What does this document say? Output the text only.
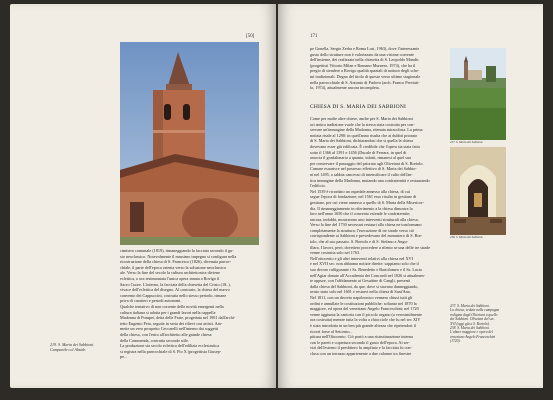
[50]
cimitero comunale (1819), rimaneggiando la facciata secondo il gu-
sto neoclassico. Notevolmente il massimo impegno si configura nella
ricostruzione della chiesa di S. Francesco (1826), divenuta parroc-
chiale, il parte dell'epoca orienta verso la soluzione neoclassica
ale. Verso la fine del secolo la cultura architettonica diviene
eclettica, o ora testimoniata l'unica opera innata a Rovigo il
Sacro Cuore. L'interno, la facciata della chiesetta del Cristo (18..),
vivace dell'eclettica del disegno. Al contrario, la chiesa del nuovo
convento dei Cappuccini, costruita nello stesso periodo, rimane
priva di caratteri e periodi autonomi.
Qualche tentativo di non corrente delle novità emergenti nella
cultura italiana si adotta per i grandi lavori nella cappella
Madonna di Pompei, detta delle Frate, progettata nel 1901 dall'archi-
tetto Eugenio Peia, seguite in seria dei rilievi con artisti. Am-
mette un vero prospetto Ceccarelli nell'interno dai soggetti
della chiesa, con l'esito all'architetto alle grande chiesa
della Commenda, costruita secondo stile.
La produzione sia secolo eclettica dell'edilizia ecclesiastica
si registra nella parrocchiale di S. Pio X (progettista Giusep-
pe...
219. S. Maria dei Sabbioni.
Campanile col Abside.
171
pe Gonella, Sergio Zerba e Roma Losi, 1963), dove l'interessante
gusto dello strutture non è valorizzato da una visione coerente
dell'insieme, dei realizzate nella chiesetta di S. Leopoldo Mandic
(progettisti Vittorio Milan e Romano Murnero, 1974), che ha il
pregio di stendere a Rovigo qualità spaziali di notturo degli sche-
mi tradizionali. Degno del titolo di questo verso ultimo stagionale
nella parrocchiale di S. Antonio di Padova (arch. Franco Previati-
lo, 1974), attualmente ancora incompleta.
CHIESA DI S. MARIA DEI SABBIONI
Come per molte altre chiese, anche per S. Maria dei Sabbioni
ori antica tradizione vuole che la stessa stata costruita per con-
servare un'immagine della Madonna, ritenuta miracolosa. La prima
notizia risale al 1290: in quell'anno risulta che ai dubbii priorato
di S. Maria dei Sabbioni, dichiarandosi che si quella la chiesa
dovevano esser già edificata. È credibile che l'opera sia stata fatta
sotto il 1366 al 1391 e 1456 (Ducale di Ferrara, in quel di
associa il gonfalonario a quanto, infatti, rimanesi al quel sua
per conservare il passaggio del priorato agli Olivetani di S. Bortolo.
Cumare esaurisce nel possesso effettivo di S. Maria dei Sabbio-
ni nel 1495, a sabbia cancesso di intensificare il culto dell'an-
tica immagine della Madonna, mutando una confraternità e restaurando
l'edificio.
Nel 1539 è ricordato un ospedale annesso alla chiesa, di cui
segue l'epoca di fondazione; nel 1561 esso risulta in gestione di
gestione, per cui viene annesso a quello di S. Maria della Misericor-
dia. Il rimaneggiamento in riferimento a la chiesa dimostra la
loro nell'anno 1650 che il convento estende le confraternite;
ancora, indubbi, mostrarono uno interventi strutturali alla chiesa.
Verso la fine del 1730 necessari restauri alla chiesa ne trasformano
completamente la struttura; l'esecuzione di tre strade verso ciò
corrispondente ai Sabbioni e prevedevano del monastero di S. Bor-
tolo, che al suo passato. S. Bortolo e di S. Stefano a Angu-
illara. I lavori, però, dovettero procedere a rilento se una delle tre strade
venne costruita solo nel 1763.
Nell'ottocento e gli altri interventi relativi alla chiesa nel XVI
e nel XVII sec. non abbiamo notizie dirette: sappiamo solo che il
suo decoro raffigurante i Ss. Benedetto e Bartolomeo e il Ss. Lucio
nell'Agiar donato all'Accademia dei Concordi nel 1826 si attualmen-
te oppure, con l'affidamento ai Gesuitine di Cangli, presenti
dalla chiesa del Sabbioni, da que, dove si stavano danneggiando,
avuto stato solo nel 1601 e restarvi nella chiesa di Sant'Ana.
Nel 1811, con un decreto napoleonico vennero chiusi tutti gli
ordini e annullate le costituzioni pubbliche: soltanto nel 1870 la
maggiore, ed opera del veneziano Angelo Franceschini; nel 1720
venne aggiunta la cantoria con il piccolo organo (a verosimilmente
ora costruita) mentre tutta la volta a chiocciole che fu nel sec XIV
è stata introdotta in un ben più grande altezza che ripetendosi il
ricorrì forse al Seicento...
pittura nell'Ottocento. Ciò portò a una ristrutturazione interna
con le pareti e copertura secondo il gusto dell'epoca. Ai ser-
vizi dell'esterno il presbitero fu ampliato e la facciata fu con-
clusa con un terrazzo appartenente a due colonne tra finestre
237. S. Maria dei Sabbioni.
238. S. Maria dei Sabbioni.
237. S. Maria dei Sabbioni.
La chiesa, veduta nella campagna
rodigina dagli Olivetani a quello
dei Sabbioni. Olivetani del sec.
XVI (oggi già a S. Bortolo).
238. S. Maria dei Sabbioni.
L'altare maggiore e opera del
veneziano Angelo Franceschini
(1720).
